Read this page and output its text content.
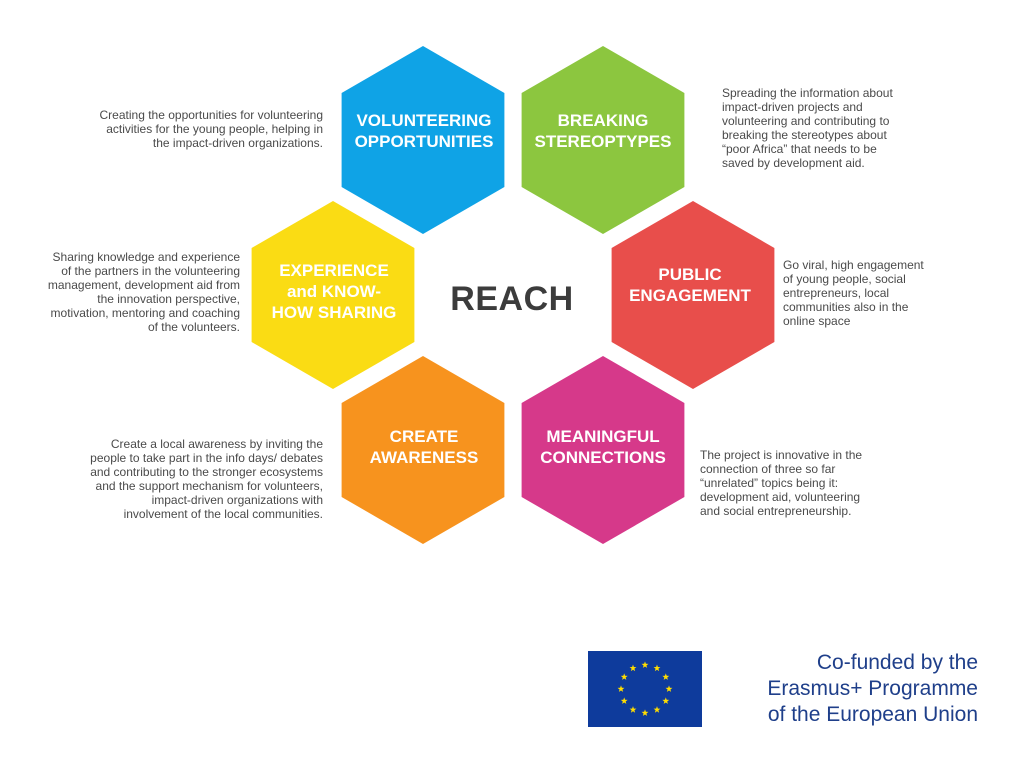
VOLUNTEERING
OPPORTUNITIES
BREAKING
STEREOPTYPES
EXPERIENCE
and KNOW-
HOW SHARING
PUBLIC
ENGAGEMENT
CREATE
AWARENESS
MEANINGFUL
CONNECTIONS
REACH

Creating the opportunities for volunteering
activities for the young people, helping in
the impact-driven organizations.

Spreading the information about
impact-driven projects and
volunteering and contributing to
breaking the stereotypes about
“poor Africa” that needs to be
saved by development aid.

Sharing knowledge and experience
of the partners in the volunteering
management, development aid from
the innovation perspective,
motivation, mentoring and coaching
of the volunteers.

Go viral, high engagement
of young people, social
entrepreneurs, local
communities also in the
online space

Create a local awareness by inviting the
people to take part in the info days/ debates
and contributing to the stronger ecosystems
and the support mechanism for volunteers,
impact-driven organizations with
involvement of the local communities.

The project is innovative in the
connection of three so far
“unrelated” topics being it:
development aid, volunteering
and social entrepreneurship.

Co-funded by the
Erasmus+ Programme
of the European Union
